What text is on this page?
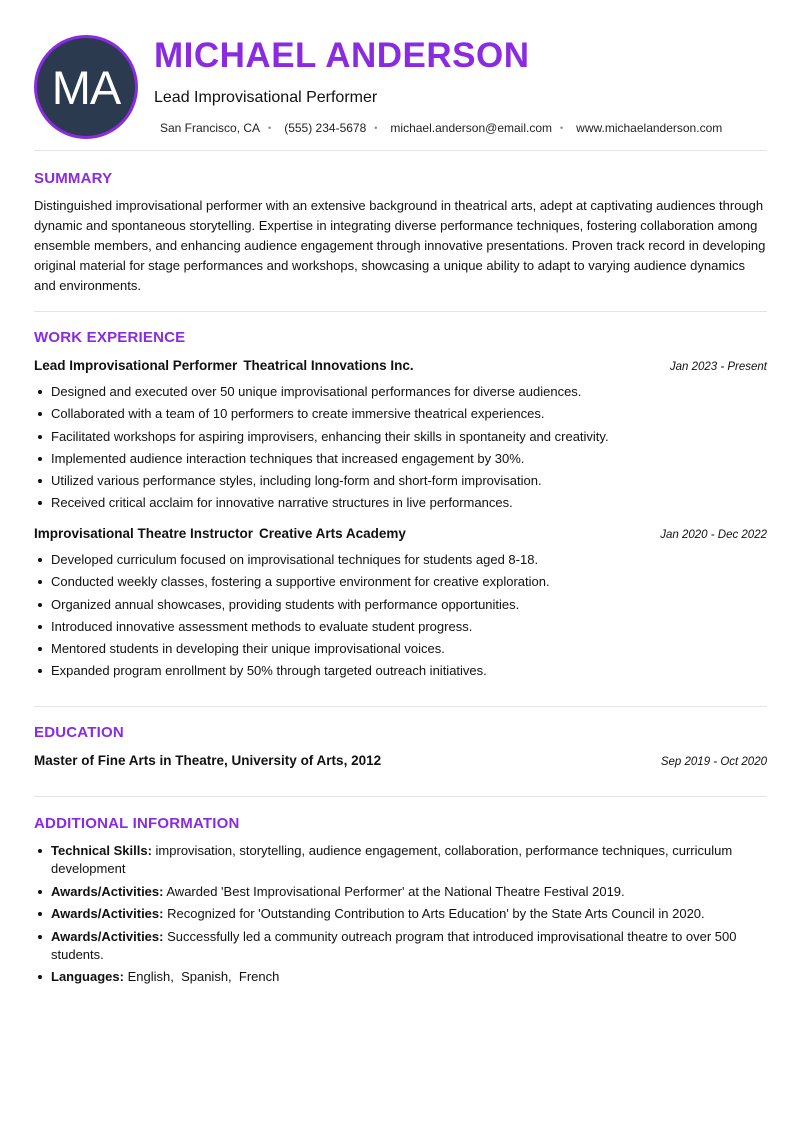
MA
MICHAEL ANDERSON
Lead Improvisational Performer
San Francisco, CA • (555) 234-5678 • michael.anderson@email.com • www.michaelanderson.com
SUMMARY

Distinguished improvisational performer with an extensive background in theatrical arts, adept at captivating audiences through dynamic and spontaneous storytelling. Expertise in integrating diverse performance techniques, fostering collaboration among ensemble members, and enhancing audience engagement through innovative presentations. Proven track record in developing original material for stage performances and workshops, showcasing a unique ability to adapt to varying audience dynamics and environments.

WORK EXPERIENCE
Lead Improvisational Performer Theatrical Innovations Inc.	Jan 2023 - Present
Designed and executed over 50 unique improvisational performances for diverse audiences.
Collaborated with a team of 10 performers to create immersive theatrical experiences.
Facilitated workshops for aspiring improvisers, enhancing their skills in spontaneity and creativity.
Implemented audience interaction techniques that increased engagement by 30%.
Utilized various performance styles, including long-form and short-form improvisation.
Received critical acclaim for innovative narrative structures in live performances.
Improvisational Theatre Instructor Creative Arts Academy	Jan 2020 - Dec 2022
Developed curriculum focused on improvisational techniques for students aged 8-18.
Conducted weekly classes, fostering a supportive environment for creative exploration.
Organized annual showcases, providing students with performance opportunities.
Introduced innovative assessment methods to evaluate student progress.
Mentored students in developing their unique improvisational voices.
Expanded program enrollment by 50% through targeted outreach initiatives.
EDUCATION
Master of Fine Arts in Theatre, University of Arts, 2012	Sep 2019 - Oct 2020
ADDITIONAL INFORMATION
Technical Skills: improvisation, storytelling, audience engagement, collaboration, performance techniques, curriculum development
Awards/Activities: Awarded 'Best Improvisational Performer' at the National Theatre Festival 2019.
Awards/Activities: Recognized for 'Outstanding Contribution to Arts Education' by the State Arts Council in 2020.
Awards/Activities: Successfully led a community outreach program that introduced improvisational theatre to over 500 students.
Languages: English,  Spanish,  French
